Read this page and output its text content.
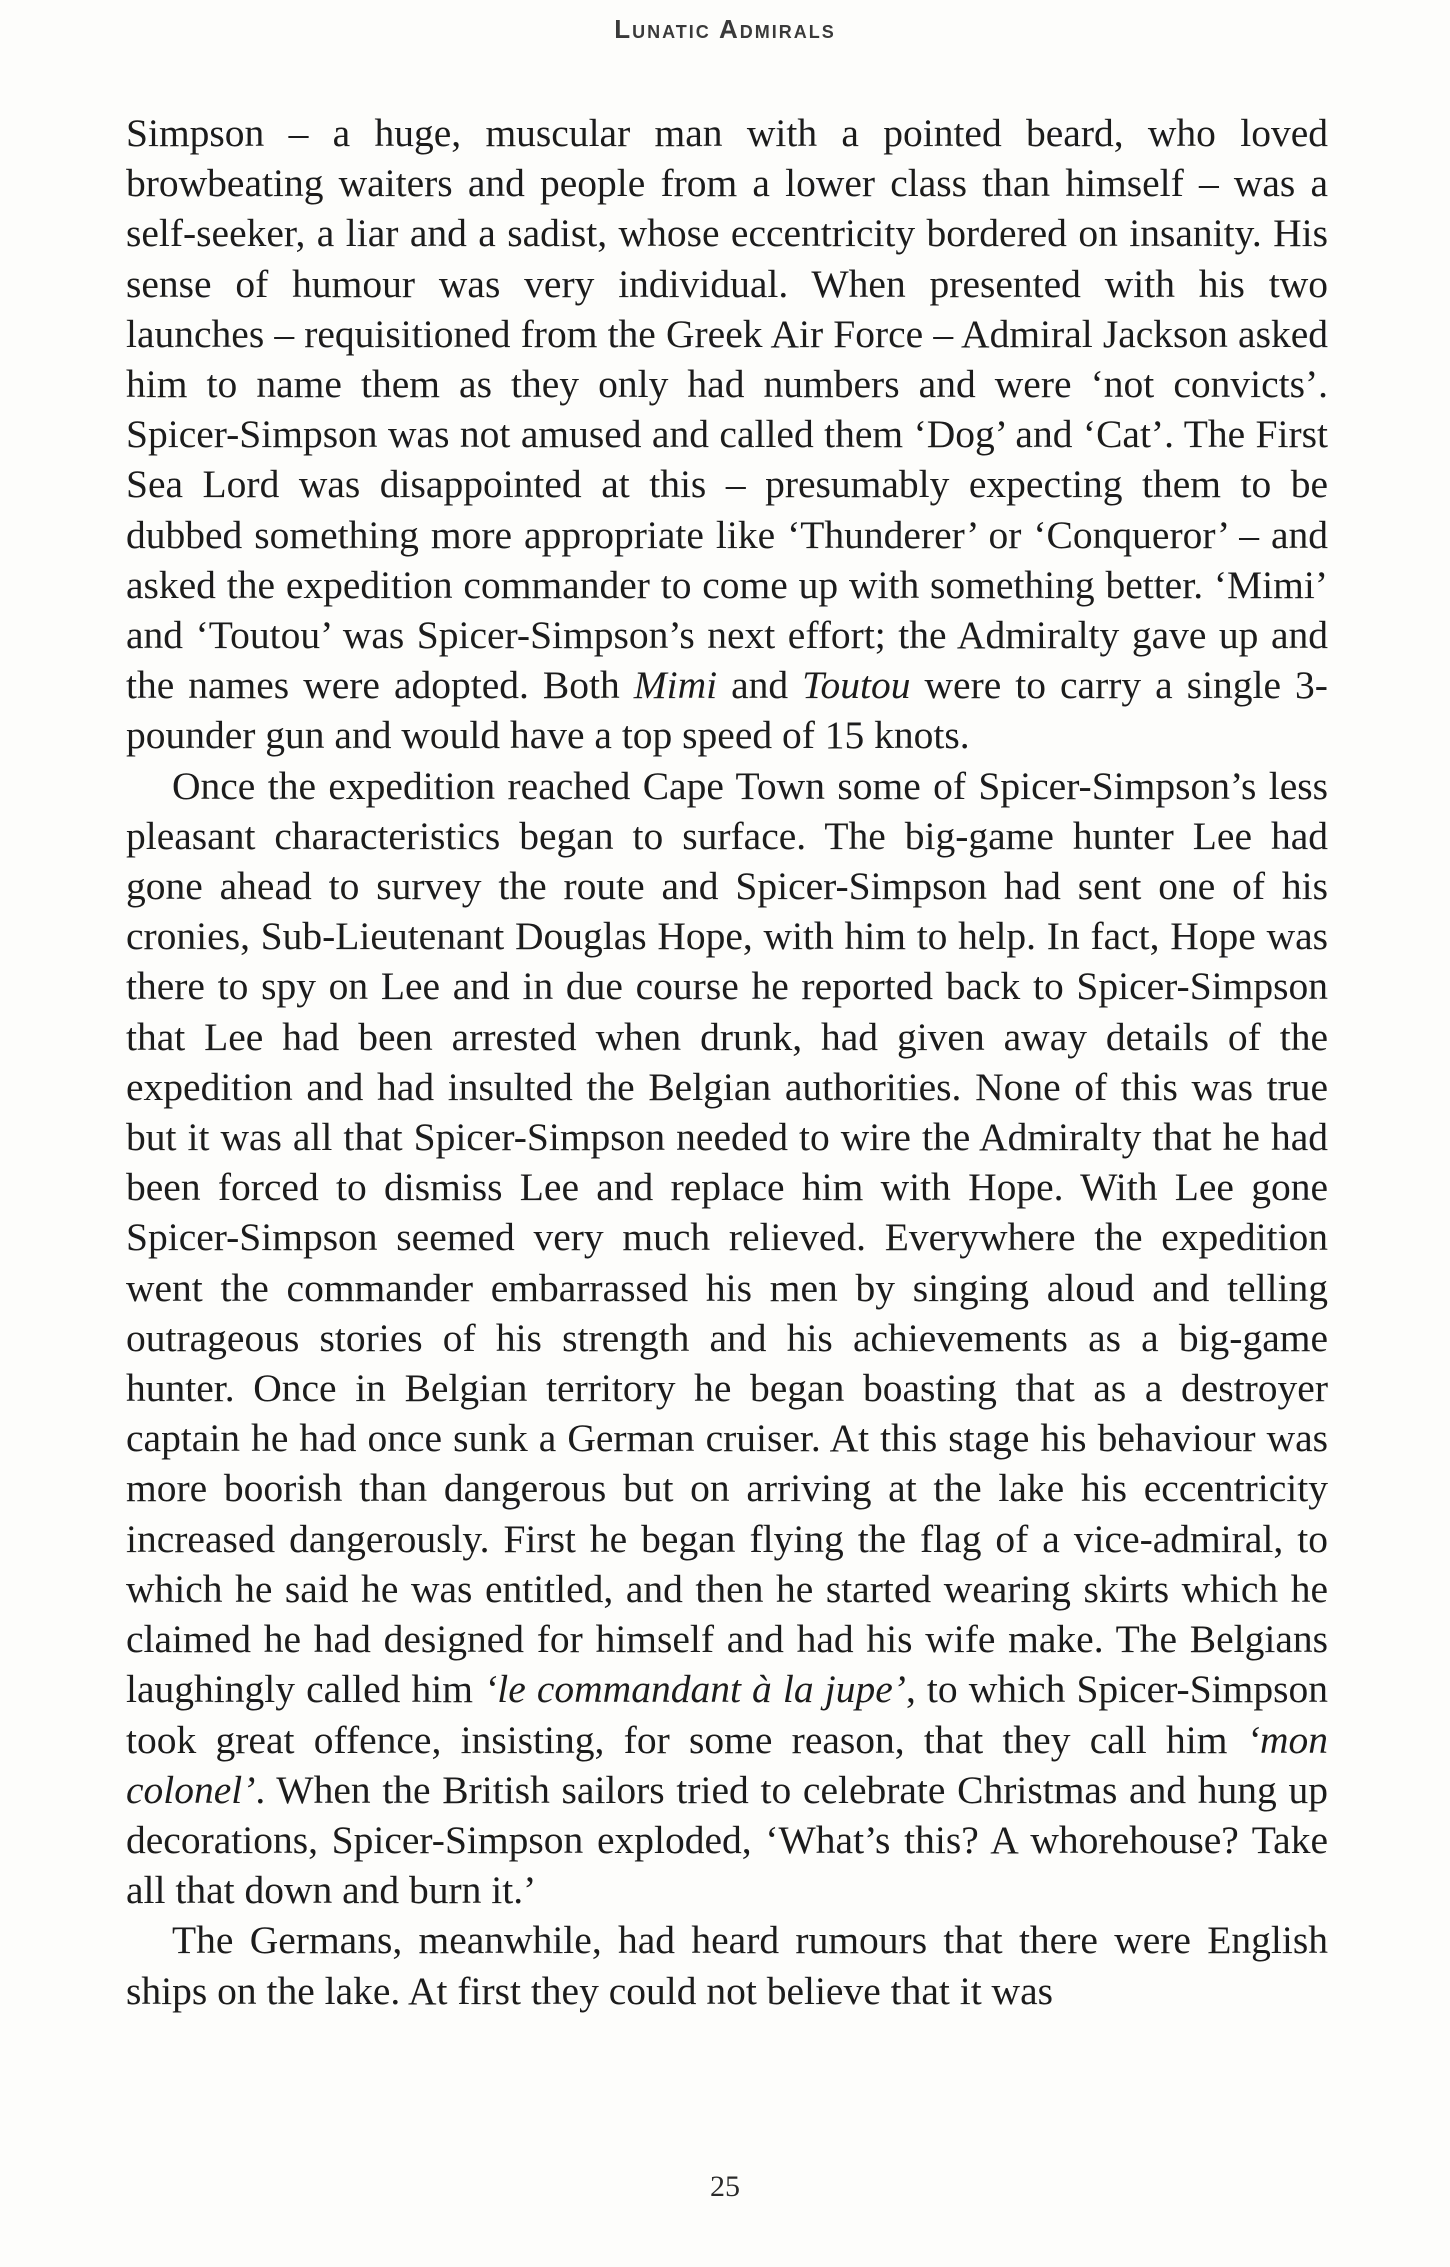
Lunatic Admirals

Simpson – a huge, muscular man with a pointed beard, who loved browbeating waiters and people from a lower class than himself – was a self-seeker, a liar and a sadist, whose eccentricity bordered on insanity. His sense of humour was very individual. When presented with his two launches – requisitioned from the Greek Air Force – Admiral Jackson asked him to name them as they only had numbers and were ‘not convicts’. Spicer-Simpson was not amused and called them ‘Dog’ and ‘Cat’. The First Sea Lord was disappointed at this – presumably expecting them to be dubbed something more appropriate like ‘Thunderer’ or ‘Conqueror’ – and asked the expedition commander to come up with something better. ‘Mimi’ and ‘Toutou’ was Spicer-Simpson’s next effort; the Admiralty gave up and the names were adopted. Both Mimi and Toutou were to carry a single 3-pounder gun and would have a top speed of 15 knots.

Once the expedition reached Cape Town some of Spicer-Simpson’s less pleasant characteristics began to surface. The big-game hunter Lee had gone ahead to survey the route and Spicer-Simpson had sent one of his cronies, Sub-Lieutenant Douglas Hope, with him to help. In fact, Hope was there to spy on Lee and in due course he reported back to Spicer-Simpson that Lee had been arrested when drunk, had given away details of the expedition and had insulted the Belgian authorities. None of this was true but it was all that Spicer-Simpson needed to wire the Admiralty that he had been forced to dismiss Lee and replace him with Hope. With Lee gone Spicer-Simpson seemed very much relieved. Everywhere the expedition went the commander embarrassed his men by singing aloud and telling outrageous stories of his strength and his achievements as a big-game hunter. Once in Belgian territory he began boasting that as a destroyer captain he had once sunk a German cruiser. At this stage his behaviour was more boorish than dangerous but on arriving at the lake his eccentricity increased dangerously. First he began flying the flag of a vice-admiral, to which he said he was entitled, and then he started wearing skirts which he claimed he had designed for himself and had his wife make. The Belgians laughingly called him ‘le commandant à la jupe’, to which Spicer-Simpson took great offence, insisting, for some reason, that they call him ‘mon colonel’. When the British sailors tried to celebrate Christmas and hung up decorations, Spicer-Simpson exploded, ‘What’s this? A whorehouse? Take all that down and burn it.’

The Germans, meanwhile, had heard rumours that there were English ships on the lake. At first they could not believe that it was

25
